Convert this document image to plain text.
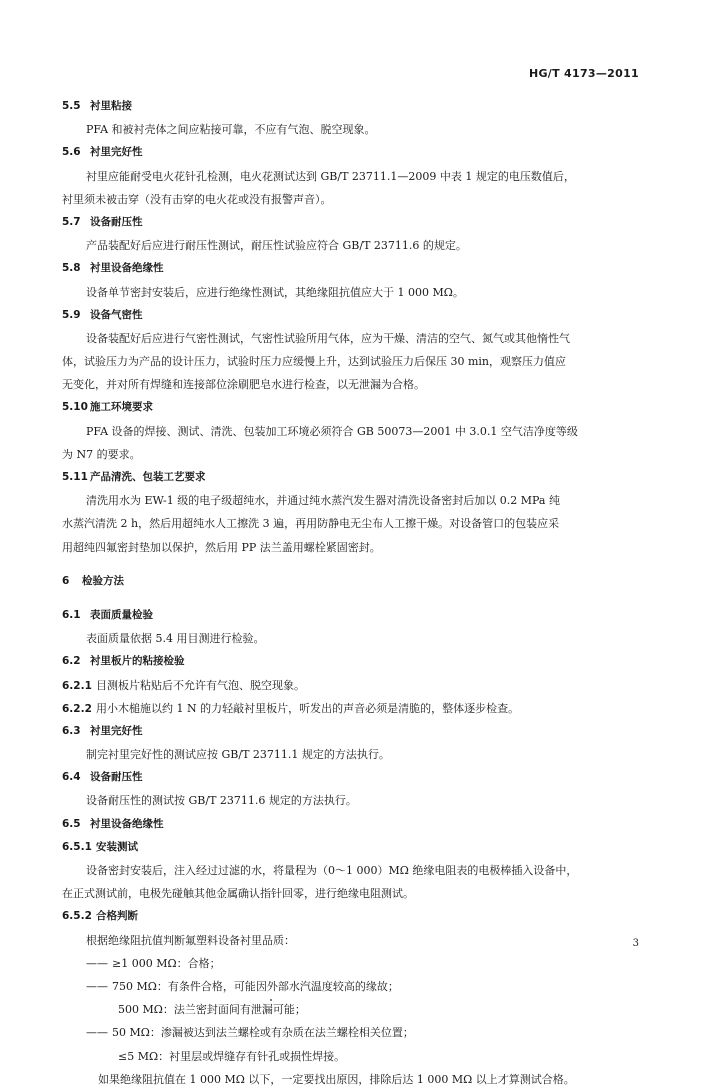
HG/T 4173—2011
5.5 衬里粘接
PFA 和被衬壳体之间应粘接可靠，不应有气泡、脱空现象。
5.6 衬里完好性
衬里应能耐受电火花针孔检测，电火花测试达到 GB/T 23711.1—2009 中表 1 规定的电压数值后，
衬里须未被击穿（没有击穿的电火花或没有报警声音）。
5.7 设备耐压性
产品装配好后应进行耐压性测试，耐压性试验应符合 GB/T 23711.6 的规定。
5.8 衬里设备绝缘性
设备单节密封安装后，应进行绝缘性测试，其绝缘阻抗值应大于 1 000 MΩ。
5.9 设备气密性
设备装配好后应进行气密性测试，气密性试验所用气体，应为干燥、清洁的空气、氮气或其他惰性气
体，试验压力为产品的设计压力，试验时压力应缓慢上升，达到试验压力后保压 30 min，观察压力值应
无变化，并对所有焊缝和连接部位涂刷肥皂水进行检查，以无泄漏为合格。
5.10 施工环境要求
PFA 设备的焊接、测试、清洗、包装加工环境必须符合 GB 50073—2001 中 3.0.1 空气洁净度等级
为 N7 的要求。
5.11 产品清洗、包装工艺要求
清洗用水为 EW-1 级的电子级超纯水，并通过纯水蒸汽发生器对清洗设备密封后加以 0.2 MPa 纯
水蒸汽清洗 2 h，然后用超纯水人工擦洗 3 遍，再用防静电无尘布人工擦干燥。对设备管口的包装应采
用超纯四氟密封垫加以保护，然后用 PP 法兰盖用螺栓紧固密封。
6 检验方法
6.1 表面质量检验
表面质量依据 5.4 用目测进行检验。
6.2 衬里板片的粘接检验
6.2.1 目测板片粘贴后不允许有气泡、脱空现象。
6.2.2 用小木槌施以约 1 N 的力轻敲衬里板片，听发出的声音必须是清脆的，整体逐步检查。
6.3 衬里完好性
制完衬里完好性的测试应按 GB/T 23711.1 规定的方法执行。
6.4 设备耐压性
设备耐压性的测试按 GB/T 23711.6 规定的方法执行。
6.5 衬里设备绝缘性
6.5.1 安装测试
设备密封安装后，注入经过过滤的水，将量程为（0～1 000）MΩ 绝缘电阻表的电极棒插入设备中，
在正式测试前，电极先碰触其他金属确认指针回零，进行绝缘电阻测试。
6.5.2 合格判断
根据绝缘阻抗值判断氟塑料设备衬里品质：
—— ≥1 000 MΩ：合格；
—— 750 MΩ：有条件合格，可能因外部水汽温度较高的缘故；
500 MΩ：法兰密封面间有泄漏可能；
—— 50 MΩ：渗漏被达到法兰螺栓或有杂质在法兰螺栓相关位置；
≤5 MΩ：衬里层或焊缝存有针孔或损性焊接。
如果绝缘阻抗值在 1 000 MΩ 以下，一定要找出原因，排除后达 1 000 MΩ 以上才算测试合格。
3
